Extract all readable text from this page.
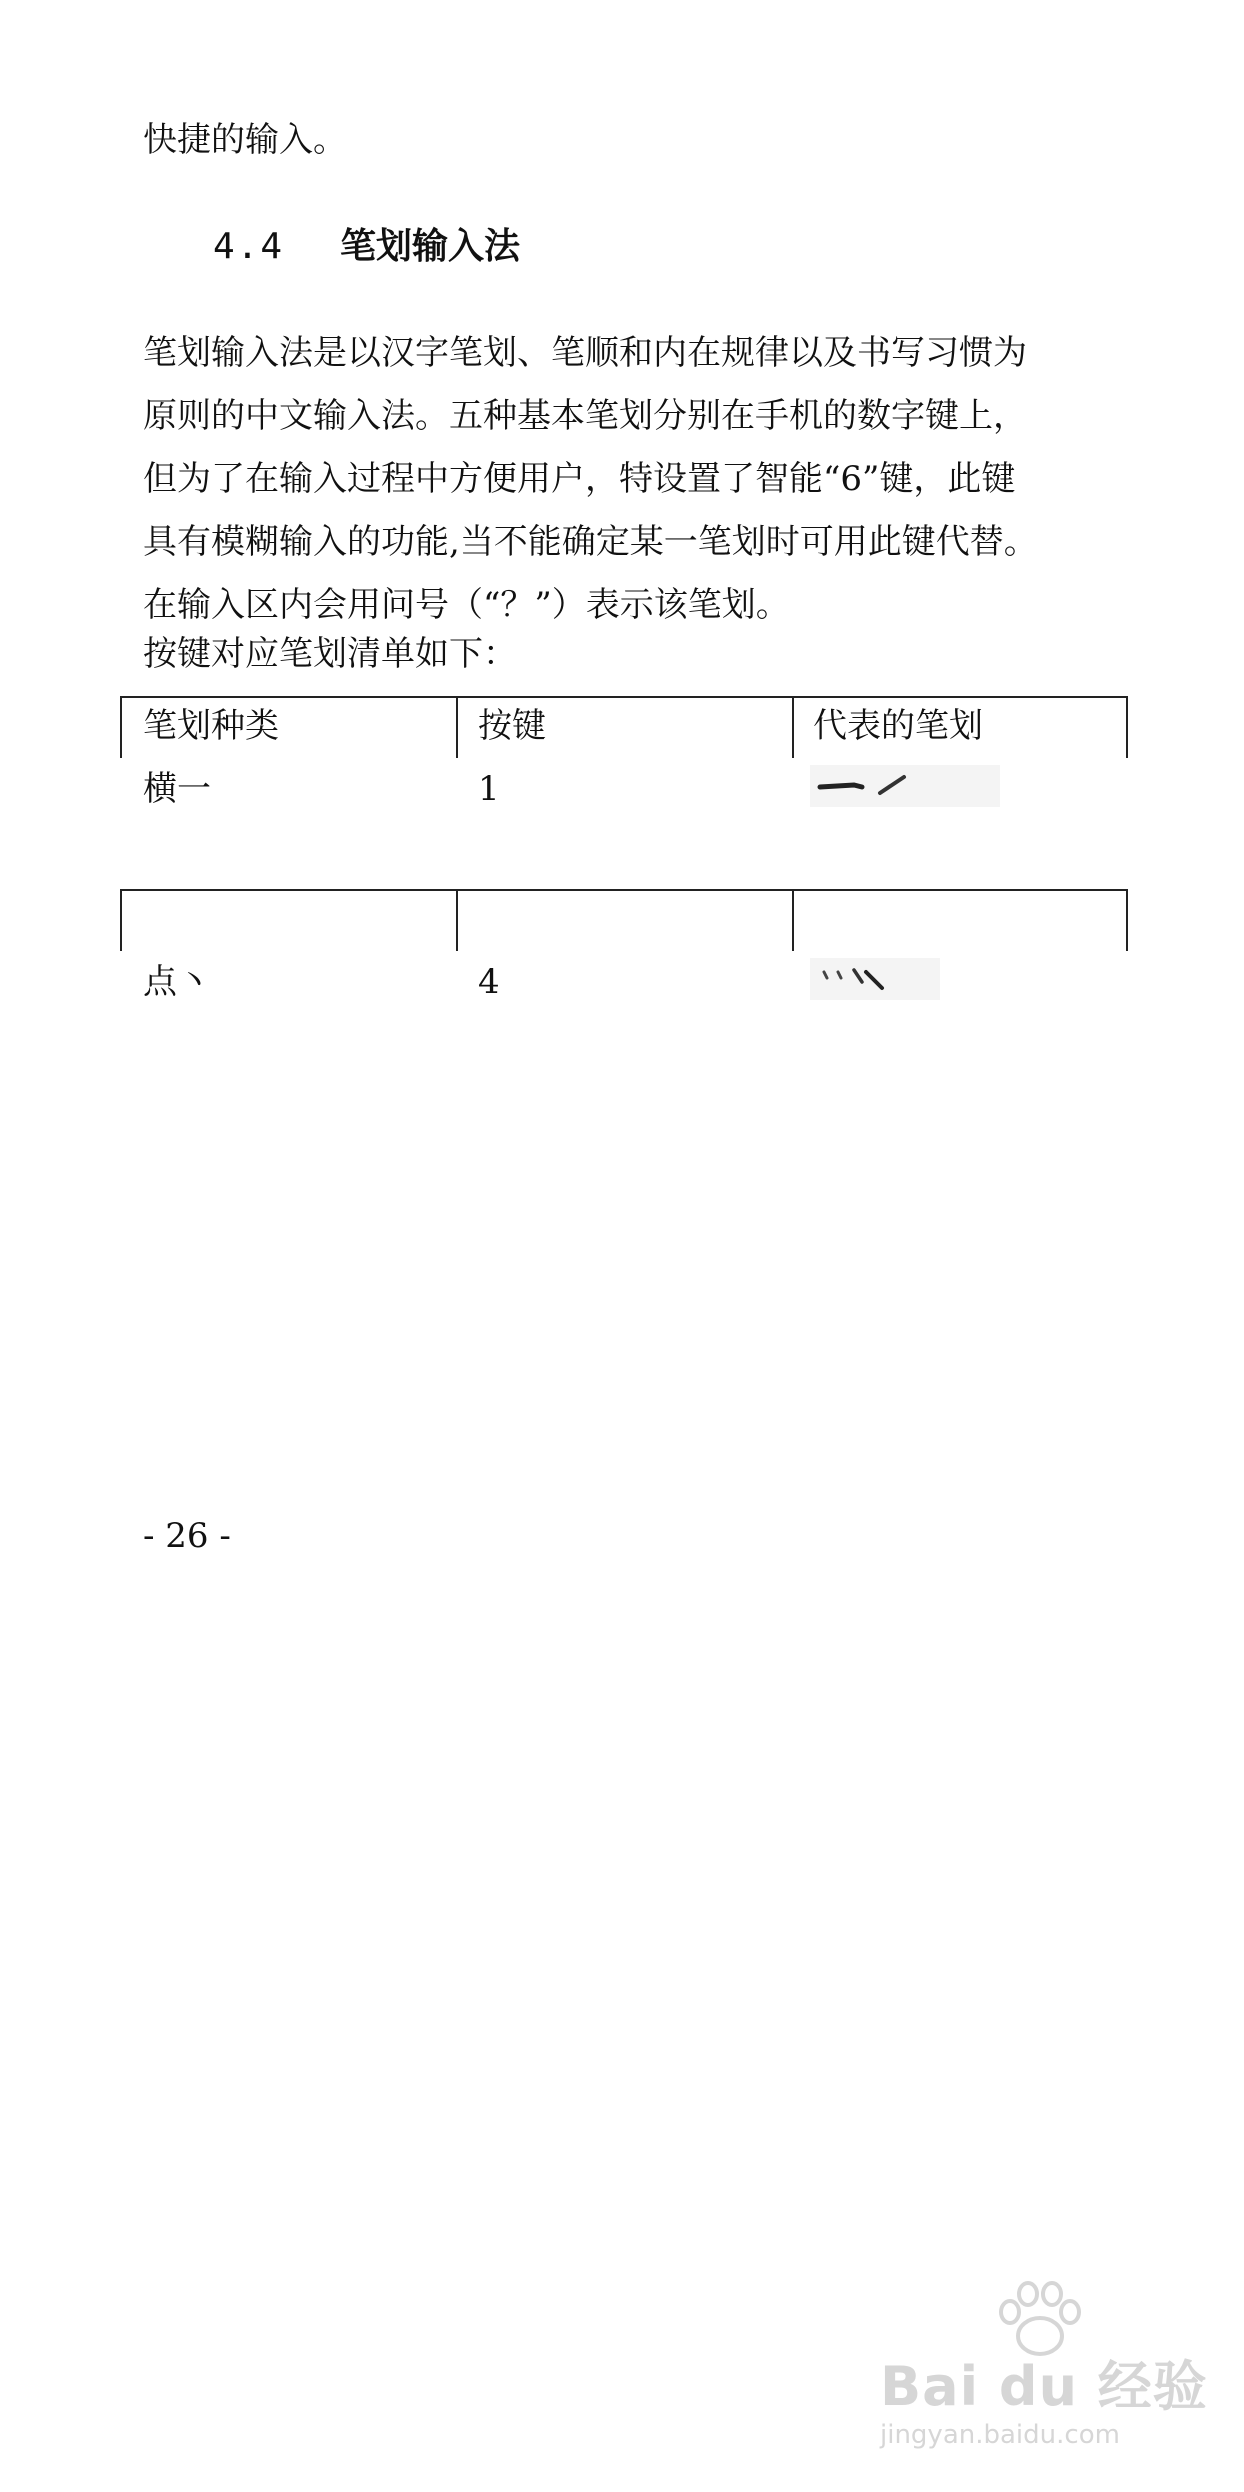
快捷的输入。
4.4 笔划输入法
笔划输入法是以汉字笔划、笔顺和内在规律以及书写习惯为
原则的中文输入法。五种基本笔划分别在手机的数字键上，
但为了在输入过程中方便用户，特设置了智能“6”键，此键
具有模糊输入的功能,当不能确定某一笔划时可用此键代替。
在输入区内会用问号（“？”）表示该笔划。
按键对应笔划清单如下：
笔划种类	按键	代表的笔划
横一	1
点丶	4
- 26 -
Bai du 经验
jingyan.baidu.com
